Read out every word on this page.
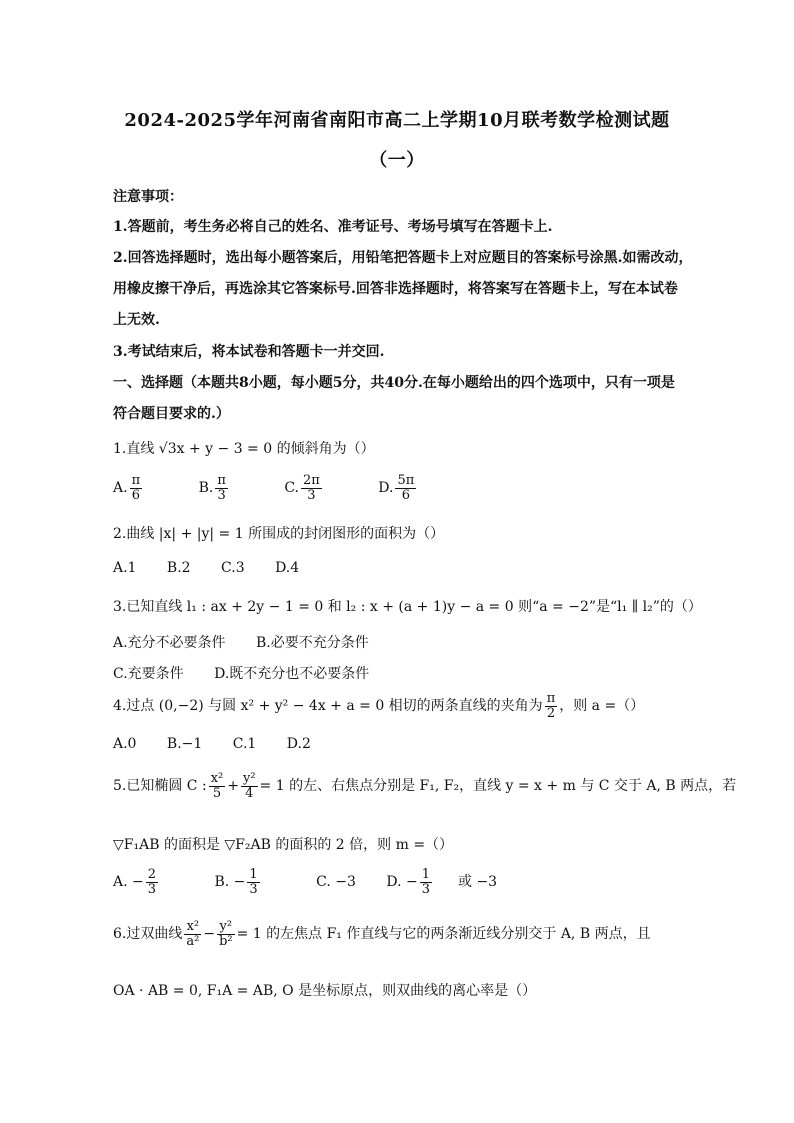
2024-2025学年河南省南阳市高二上学期10月联考数学检测试题
（一）
注意事项：
1.答题前，考生务必将自己的姓名、准考证号、考场号填写在答题卡上.
2.回答选择题时，选出每小题答案后，用铅笔把答题卡上对应题目的答案标号涂黑.如需改动，
用橡皮擦干净后，再选涂其它答案标号.回答非选择题时，将答案写在答题卡上，写在本试卷
上无效.
3.考试结束后，将本试卷和答题卡一并交回.
一、选择题（本题共8小题，每小题5分，共40分.在每小题给出的四个选项中，只有一项是
符合题目要求的.）
1.直线 √3x + y − 3 = 0 的倾斜角为（）
A. $\frac{\pi}{6} B$. $\frac{\pi}{3} C$. $\frac{2\pi}{3} D$. $\frac{5\pi}{6}$
2.曲线 |x| + |y| = 1 所围成的封闭图形的面积为（）
A.1 B.2 C.3 D.4
3.已知直线 l₁ : ax + 2y − 1 = 0 和 l₂ : x + (a + 1)y − a = 0 则“a = −2”是“l₁ ∥ l₂”的（）
A.充分不必要条件 B.必要不充分条件
C.充要条件 D.既不充分也不必要条件
4.过点 (0,−2) 与圆 x² + y² − 4x + a = 0 相切的两条直线的夹角为 $\frac{\pi}{2}$ ，则 a =（）
A.0 B.−1 C.1 D.2
5.已知椭圆 C : $\frac{\text{x²}}{5} + \frac{\text{y²}}{4} = 1$ 的左、右焦点分别是 F₁, F₂，直线 y = x + m 与 C 交于 A, B 两点，若
▽F₁AB 的面积是 ▽F₂AB 的面积的 2 倍，则 m =（）
A. − $\frac{2}{3} B$. − $\frac{1}{3} C$. −3 D. − $\frac{1}{3}$ 或 −3
6.过双曲线 $\frac{\text{x²}}{\text{a²}} - \frac{\text{y²}}{\text{b²}} = 1$ 的左焦点 F₁ 作直线与它的两条渐近线分别交于 A, B 两点，且
OA · AB = 0, F₁A = AB, O 是坐标原点，则双曲线的离心率是（）
